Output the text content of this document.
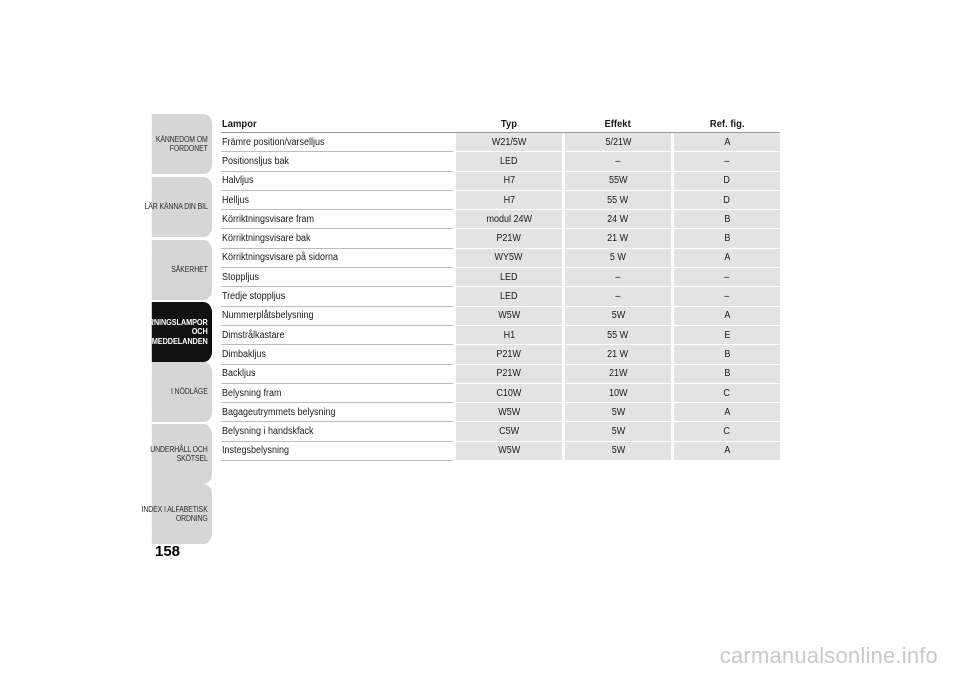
KÄNNEDOM OM
FORDONET
LÄR KÄNNA DIN BIL
SÄKERHET
VARNINGSLAMPOR
OCH
MEDDELANDEN
I NÖDLÄGE
UNDERHÅLL OCH
SKÖTSEL
INDEX I ALFABETISK
ORDNING
158
Lampor	Typ	Effekt	Ref. fig.
Främre position/varselljus	W21/5W	5/21W	A
Positionsljus bak	LED	–	–
Halvljus	H7	55W	D
Helljus	H7	55 W	D
Körriktningsvisare fram	modul 24W	24 W	B
Körriktningsvisare bak	P21W	21 W	B
Körriktningsvisare på sidorna	WY5W	5 W	A
Stoppljus	LED	–	–
Tredje stoppljus	LED	–	–
Nummerplåtsbelysning	W5W	5W	A
Dimstrålkastare	H1	55 W	E
Dimbakljus	P21W	21 W	B
Backljus	P21W	21W	B
Belysning fram	C10W	10W	C
Bagageutrymmets belysning	W5W	5W	A
Belysning i handskfack	C5W	5W	C
Instegsbelysning	W5W	5W	A
carmanualsonline.info
